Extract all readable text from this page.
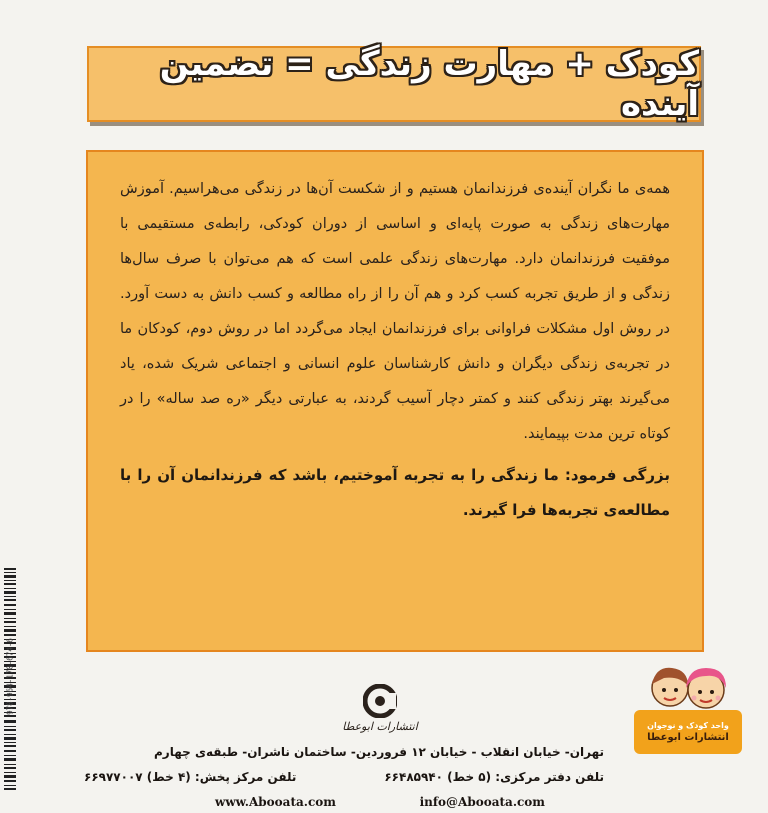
کودک + مهارت زندگی = تضمین آینده

همه‌ی ما نگران آینده‌ی فرزندانمان هستیم و از شکست آن‌ها در زندگی می‌هراسیم. آموزش مهارت‌های زندگی به صورت پایه‌ای و اساسی از دوران کودکی، رابطه‌ی مستقیمی با موفقیت فرزندانمان دارد. مهارت‌های زندگی علمی است که هم می‌توان با صرف سال‌ها زندگی و از طریق تجربه کسب کرد و هم آن را از راه مطالعه و کسب دانش به دست آورد. در روش اول مشکلات فراوانی برای فرزندانمان ایجاد می‌گردد اما در روش دوم، کودکان ما در تجربه‌ی زندگی دیگران و دانش کارشناسان علوم انسانی و اجتماعی شریک شده، یاد می‌گیرند بهتر زندگی کنند و کمتر دچار آسیب گردند، به عبارتی دیگر «ره صد ساله» را در کوتاه ترین مدت بپیمایند.

بزرگی فرمود: ما زندگی را به تجربه آموختیم، باشد که فرزندانمان آن را با مطالعه‌ی تجربه‌ها فرا گیرند.

978-964-170-674-6
واحد کودک و نوجوان
انتشارات ابوعطا
انتشارات ابوعطا
تهران- خیابان انقلاب - خیابان ۱۲ فروردین- ساختمان ناشران- طبقه‌ی چهارم
تلفن دفتر مرکزی: (۵ خط) ۶۶۴۸۵۹۴۰
تلفن مرکز پخش: (۴ خط) ۶۶۹۷۷۰۰۷
www.Abooata.com	info@Abooata.com
